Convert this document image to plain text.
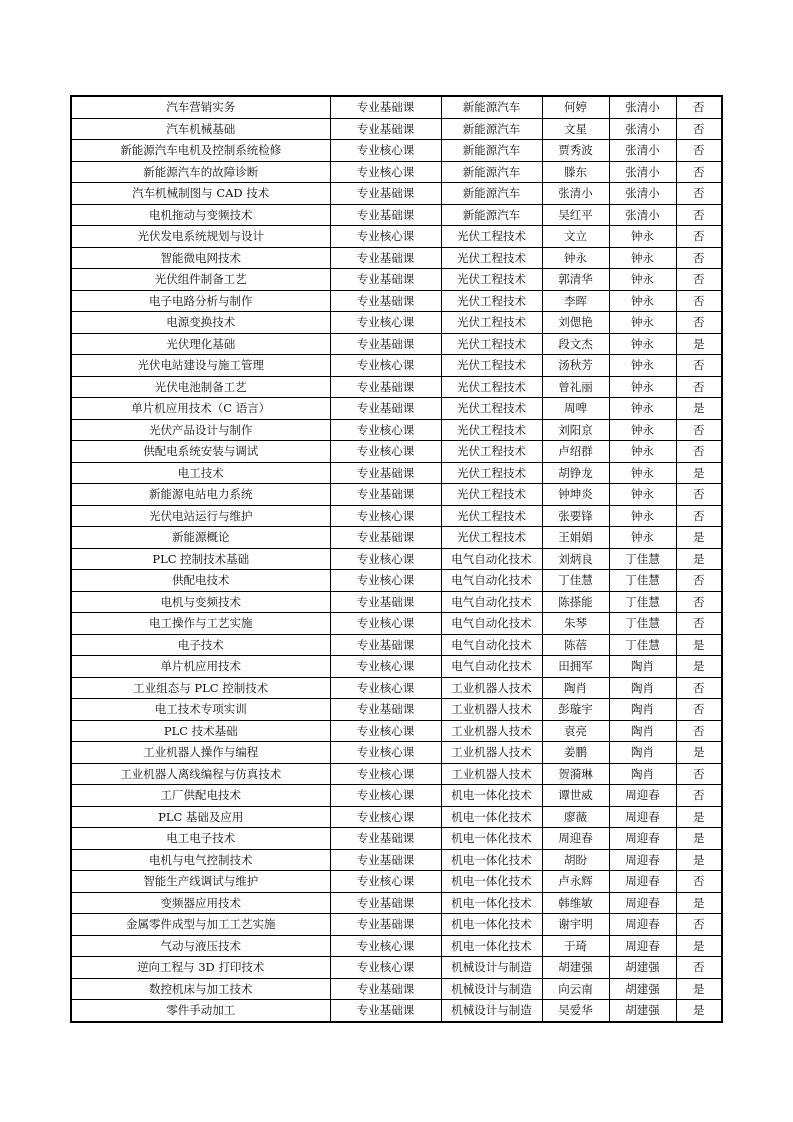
汽车营销实务	专业基础课	新能源汽车	何婷	张清小	否
汽车机械基础	专业基础课	新能源汽车	文星	张清小	否
新能源汽车电机及控制系统检修	专业核心课	新能源汽车	贾秀波	张清小	否
新能源汽车的故障诊断	专业核心课	新能源汽车	滕东	张清小	否
汽车机械制图与 CAD 技术	专业基础课	新能源汽车	张清小	张清小	否
电机拖动与变频技术	专业基础课	新能源汽车	吴红平	张清小	否
光伏发电系统规划与设计	专业核心课	光伏工程技术	文立	钟永	否
智能微电网技术	专业基础课	光伏工程技术	钟永	钟永	否
光伏组件制备工艺	专业基础课	光伏工程技术	郭清华	钟永	否
电子电路分析与制作	专业基础课	光伏工程技术	李晖	钟永	否
电源变换技术	专业核心课	光伏工程技术	刘偲艳	钟永	否
光伏理化基础	专业基础课	光伏工程技术	段文杰	钟永	是
光伏电站建设与施工管理	专业核心课	光伏工程技术	汤秋芳	钟永	否
光伏电池制备工艺	专业基础课	光伏工程技术	曾礼丽	钟永	否
单片机应用技术（C 语言）	专业基础课	光伏工程技术	周啤	钟永	是
光伏产品设计与制作	专业核心课	光伏工程技术	刘阳京	钟永	否
供配电系统安装与调试	专业核心课	光伏工程技术	卢绍群	钟永	否
电工技术	专业基础课	光伏工程技术	胡铮龙	钟永	是
新能源电站电力系统	专业基础课	光伏工程技术	钟坤炎	钟永	否
光伏电站运行与维护	专业核心课	光伏工程技术	张要锋	钟永	否
新能源概论	专业基础课	光伏工程技术	王娟娟	钟永	是
PLC 控制技术基础	专业核心课	电气自动化技术	刘炳良	丁佳慧	是
供配电技术	专业核心课	电气自动化技术	丁佳慧	丁佳慧	否
电机与变频技术	专业基础课	电气自动化技术	陈搽能	丁佳慧	否
电工操作与工艺实施	专业核心课	电气自动化技术	朱琴	丁佳慧	否
电子技术	专业基础课	电气自动化技术	陈蓓	丁佳慧	是
单片机应用技术	专业核心课	电气自动化技术	田拥军	陶肖	是
工业组态与 PLC 控制技术	专业核心课	工业机器人技术	陶肖	陶肖	否
电工技术专项实训	专业基础课	工业机器人技术	彭璇宇	陶肖	否
PLC 技术基础	专业核心课	工业机器人技术	袁亮	陶肖	否
工业机器人操作与编程	专业核心课	工业机器人技术	姜鹏	陶肖	是
工业机器人离线编程与仿真技术	专业核心课	工业机器人技术	贺漪琳	陶肖	否
工厂供配电技术	专业核心课	机电一体化技术	谭世威	周迎春	否
PLC 基础及应用	专业核心课	机电一体化技术	廖薇	周迎春	是
电工电子技术	专业基础课	机电一体化技术	周迎春	周迎春	是
电机与电气控制技术	专业基础课	机电一体化技术	胡盼	周迎春	是
智能生产线调试与维护	专业核心课	机电一体化技术	卢永辉	周迎春	否
变频器应用技术	专业基础课	机电一体化技术	韩维敏	周迎春	是
金属零件成型与加工工艺实施	专业基础课	机电一体化技术	谢宇明	周迎春	否
气动与液压技术	专业核心课	机电一体化技术	于琦	周迎春	是
逆向工程与 3D 打印技术	专业核心课	机械设计与制造	胡建强	胡建强	否
数控机床与加工技术	专业基础课	机械设计与制造	向云南	胡建强	是
零件手动加工	专业基础课	机械设计与制造	吴爱华	胡建强	是
